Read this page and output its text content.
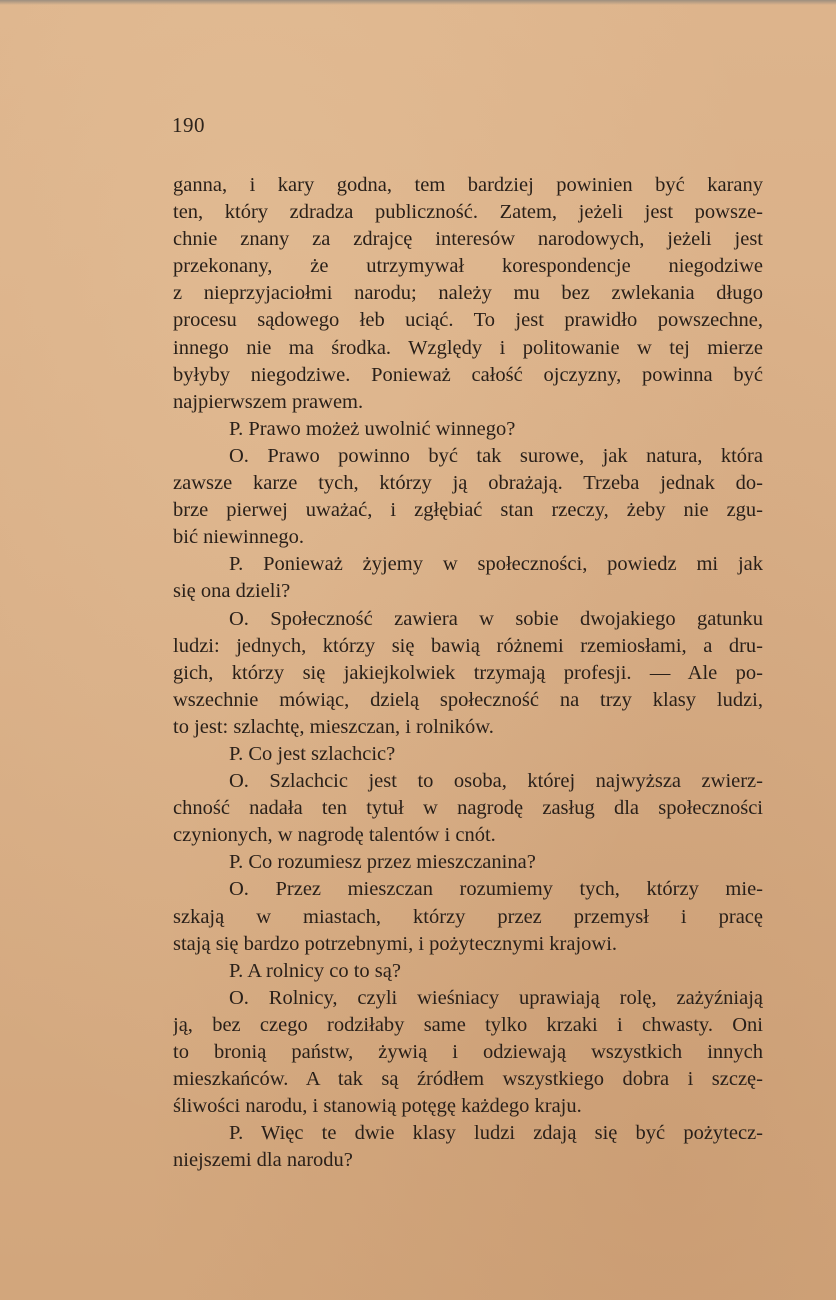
190
ganna, i kary godna, tem bardziej powinien być karany
ten, który zdradza publiczność. Zatem, jeżeli jest powsze-
chnie znany za zdrajcę interesów narodowych, jeżeli jest
przekonany, że utrzymywał korespondencje niegodziwe
z nieprzyjaciołmi narodu; należy mu bez zwlekania długo
procesu sądowego łeb uciąć. To jest prawidło powszechne,
innego nie ma środka. Względy i politowanie w tej mierze
byłyby niegodziwe. Ponieważ całość ojczyzny, powinna być
najpierwszem prawem.
P. Prawo możeż uwolnić winnego?
O. Prawo powinno być tak surowe, jak natura, która
zawsze karze tych, którzy ją obrażają. Trzeba jednak do-
brze pierwej uważać, i zgłębiać stan rzeczy, żeby nie zgu-
bić niewinnego.
P. Ponieważ żyjemy w społeczności, powiedz mi jak
się ona dzieli?
O. Społeczność zawiera w sobie dwojakiego gatunku
ludzi: jednych, którzy się bawią różnemi rzemiosłami, a dru-
gich, którzy się jakiejkolwiek trzymają profesji. — Ale po-
wszechnie mówiąc, dzielą społeczność na trzy klasy ludzi,
to jest: szlachtę, mieszczan, i rolników.
P. Co jest szlachcic?
O. Szlachcic jest to osoba, której najwyższa zwierz-
chność nadała ten tytuł w nagrodę zasług dla społeczności
czynionych, w nagrodę talentów i cnót.
P. Co rozumiesz przez mieszczanina?
O. Przez mieszczan rozumiemy tych, którzy mie-
szkają w miastach, którzy przez przemysł i pracę
stają się bardzo potrzebnymi, i pożytecznymi krajowi.
P. A rolnicy co to są?
O. Rolnicy, czyli wieśniacy uprawiają rolę, zażyźniają
ją, bez czego rodziłaby same tylko krzaki i chwasty. Oni
to bronią państw, żywią i odziewają wszystkich innych
mieszkańców. A tak są źródłem wszystkiego dobra i szczę-
śliwości narodu, i stanowią potęgę każdego kraju.
P. Więc te dwie klasy ludzi zdają się być pożytecz-
niejszemi dla narodu?
